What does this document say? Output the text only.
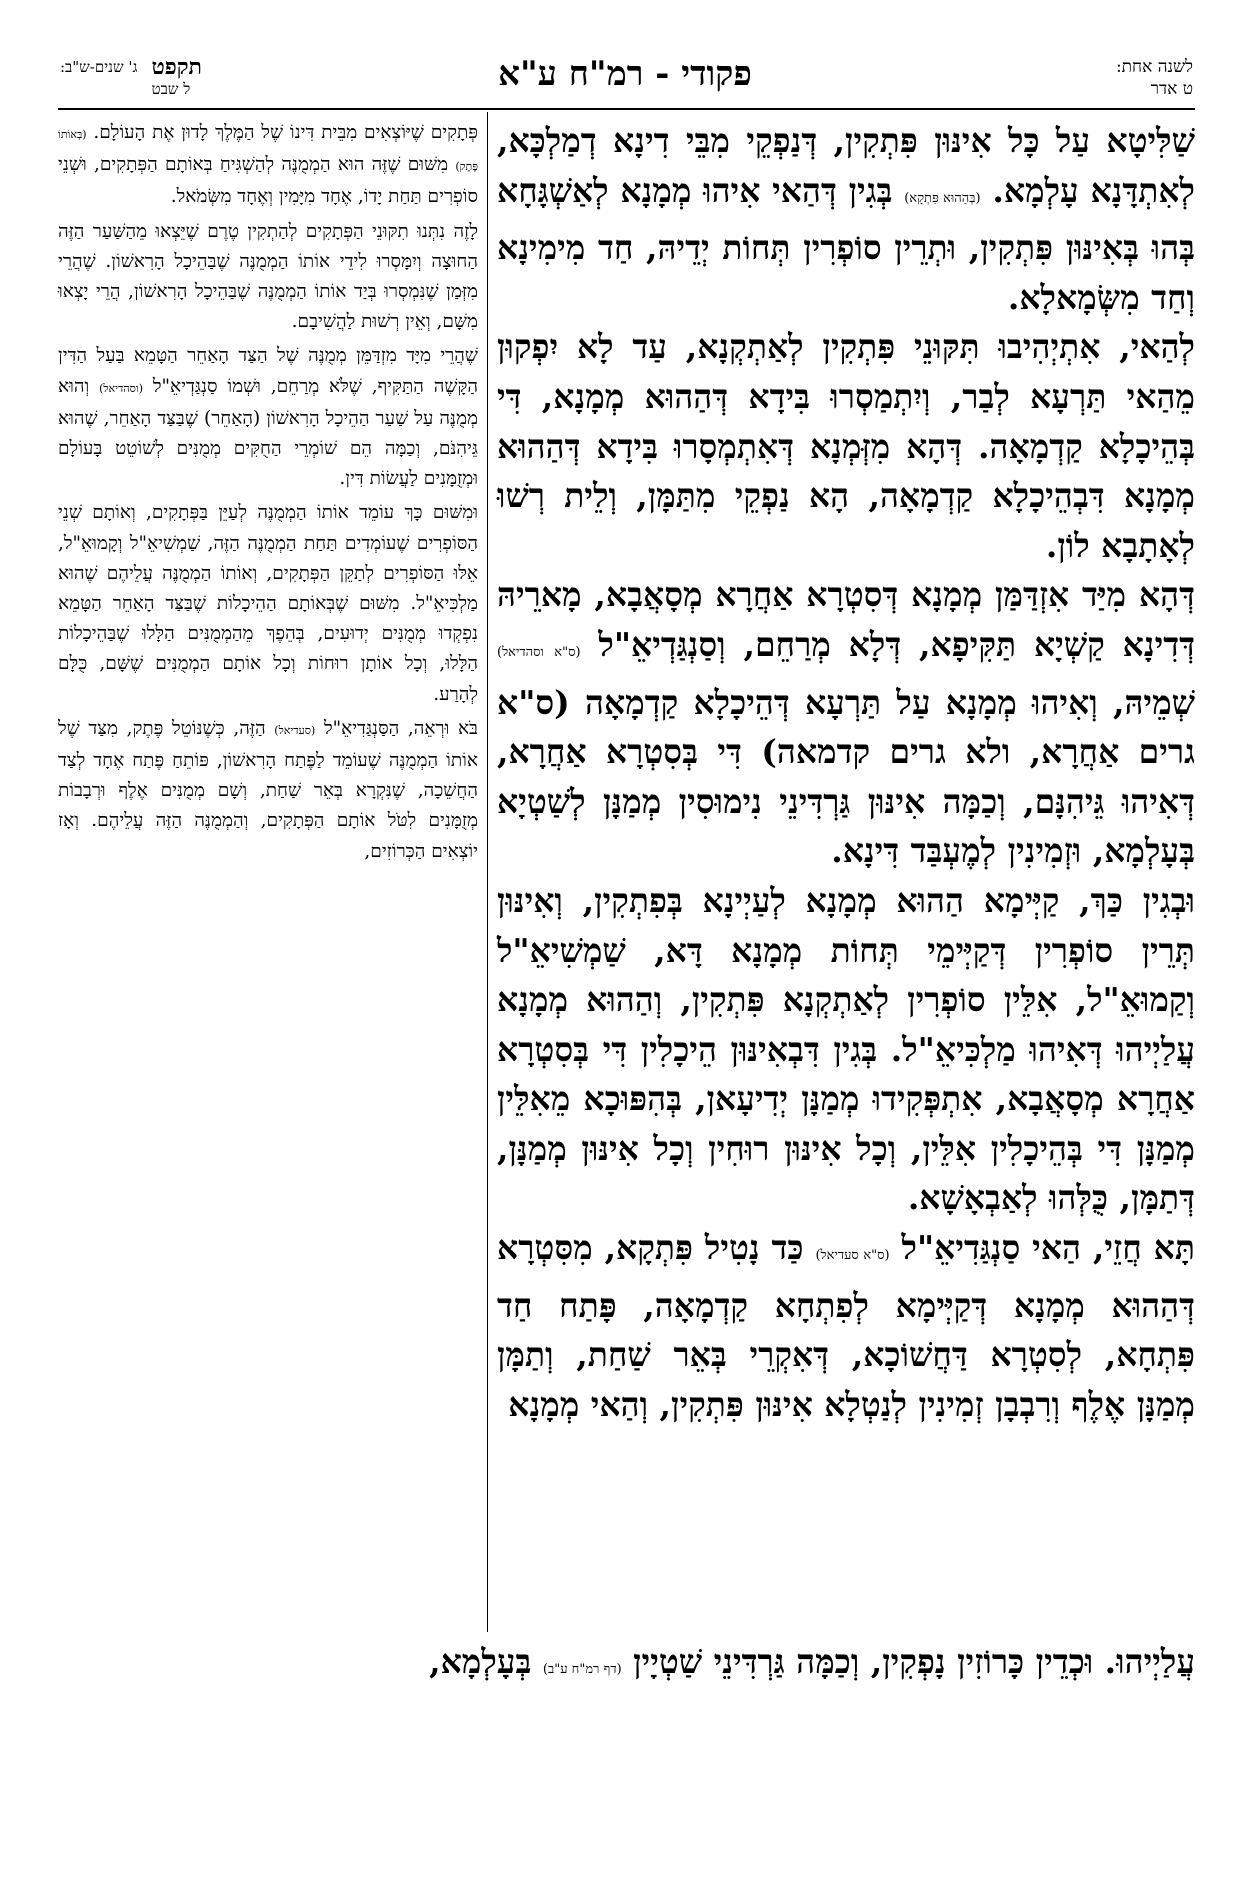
לשנה אחת:
ט אדר
פקודי - רמ"ח ע"א
ג' שנים-ש"ב: תקפט
ל שבט

שַׁלִּיטָא עַל כָּל אִינּוּן פִּתְקִין, דְּנַפְקֵי מִבֵּי דִינָא דְמַלְכָּא, לְאִתְדָּנָא עָלְמָא. (בְּהַהוּא פִּתְקָא) בְּגִין דְּהַאי אִיהוּ מְמָנָא לְאַשְׁגָּחָא בְּהוּ בְּאִינּוּן פִּתְקִין, וּתְרֵין סוֹפְרִין תְּחוֹת יְדֵיהּ, חַד מִימִינָא וְחַד מִשְּׂמָאלָא.

לְהַאי, אִתְיְהִיבוּ תִּקּוּנֵי פִּתְקִין לְאַתְקְנָא, עַד לָא יִפְקוּן מֵהַאי תַּרְעָא לְבַר, וְיִתְמַסְרוּ בִּידָא דְּהַהוּא מְמָנָא, דִּי בְּהֵיכָלָא קַדְמָאָה. דְּהָא מִזְּמְנָא דְּאִתְמְסָרוּ בִּידָא דְּהַהוּא מְמָנָא דִּבְהֵיכָלָא קַדְמָאָה, הָא נַפְקֵי מִתַּמָּן, וְלֵית רְשׁוּ לְאָתָבָא לוֹן.

דְּהָא מִיַּד אִזְדַּמַּן מְמָנָא דְּסִטְרָא אַחֲרָא מְסָאֲבָא, מָארֵיהּ דְּדִינָא קַשְׁיָא תַּקִּיפָא, דְּלָא מְרַחֵם, וְסַנְגַּדְיאֵ"ל (ס"א וסהדיאל) שְׁמֵיהּ, וְאִיהוּ מְמָנָא עַל תַּרְעָא דְּהֵיכָלָא קַדְמָאָה (ס"א גרים אַחֲרָא, ולא גרים קדמאה) דִּי בְּסִטְרָא אַחֲרָא, דְּאִיהוּ גֵּיהִנָּם, וְכַמָּה אִינּוּן גַּרְדִּינֵי נִימוּסִין מְמַנָּן לְשַׁטְיָא בְּעָלְמָא, וּזְמִינִין לְמֶעְבַּד דִּינָא.

וּבְגִין כַּךְ, קַיְּימָא הַהוּא מְמָנָא לְעַיְינָא בְּפִתְקִין, וְאִינּוּן תְּרֵין סוֹפְרִין דְּקַיְּימֵי תְּחוֹת מְמָנָא דָּא, שַׁמְשִׁיאֵ"ל וְקַמוּאֵ"ל, אִלֵּין סוֹפְרִין לְאַתְקְנָא פִּתְקִין, וְהַהוּא מְמָנָא עֲלַיְיהוּ דְּאִיהוּ מַלְכִּיאֵ"ל. בְּגִין דִּבְאִינּוּן הֵיכָלִין דִּי בְּסִטְרָא אַחֲרָא מְסָאֲבָא, אִתְפְּקִידוּ מְמַנָּן יְדִיעָאן, בְּהִפּוּכָא מֵאִלֵּין מְמַנָּן דִּי בְּהֵיכָלִין אִלֵּין, וְכָל אִינּוּן רוּחִין וְכָל אִינּוּן מְמַנָּן, דְּתַמָּן, כֻּלְּהוּ לְאַבְאָשָׁא.

תָּא חֲזֵי, הַאי סַנְגַּדִיאֵ"ל (ס"א סעדיאל) כַּד נָטִיל פִּתְקָא, מִסִּטְרָא דְּהַהוּא מְמָנָא דְּקַיְּימָא לְפִתְחָא קַדְמָאָה, פָּתַח חַד פִּתְחָא, לְסִטְרָא דַּחֲשׁוֹכָא, דְּאִקְרֵי בְּאֵר שַׁחַת, וְתַמָּן מְמַנָּן אֶלֶף וְרִבְבָן זְמִינִין לְנַטְלָא אִינּוּן פִּתְקִין, וְהַאי מְמָנָא

פְּתָקִים שֶׁיּוֹצְאִים מִבֵּית דִּינוֹ שֶׁל הַמֶּלֶךְ לָדוּן אֶת הָעוֹלָם. (בְּאוֹתוֹ פֶּתֶק) מִשּׁוּם שֶׁזֶּה הוּא הַמְמֻנֶּה לְהַשְׁגִּיחַ בְּאוֹתָם הַפְּתָקִים, וּשְׁנֵי סוֹפְרִים תַּחַת יָדוֹ, אֶחָד מִיָּמִין וְאֶחָד מִשְּׂמֹאל.

לָזֶה נִתְּנוּ תִקּוּנֵי הַפְּתָקִים לְהַתְקִין טֶרֶם שֶׁיֵּצְאוּ מֵהַשַּׁעַר הַזֶּה הַחוּצָה וְיִמָּסְרוּ לִידֵי אוֹתוֹ הַמְמֻנֶּה שֶׁבַּהֵיכָל הָרִאשׁוֹן. שֶׁהֲרֵי מִזְּמַן שֶׁנִּמְסְרוּ בְּיַד אוֹתוֹ הַמְמֻנֶּה שֶׁבַּהֵיכָל הָרִאשׁוֹן, הֲרֵי יָצְאוּ מִשָּׁם, וְאֵין רְשׁוּת לַהֲשִׁיבָם.

שֶׁהֲרֵי מִיָּד מִזְדַּמֵּן מְמֻנֶּה שֶׁל הַצַּד הָאַחֵר הַטָּמֵא בַּעַל הַדִּין הַקָּשֶׁה הַתַּקִּיף, שֶׁלֹּא מְרַחֵם, וּשְׁמוֹ סַנְגַּדְיאֵ"ל (וסהדיאל) וְהוּא מְמֻנֶּה עַל שַׁעַר הַהֵיכָל הָרִאשׁוֹן (הָאַחֵר) שֶׁבַּצַּד הָאַחֵר, שֶׁהוּא גֵּיהִנֹּם, וְכַמָּה הֵם שׁוֹמְרֵי הַחֻקִּים מְמֻנִּים לְשׁוֹטֵט בָּעוֹלָם וּמְזֻמָּנִים לַעֲשׂוֹת דִּין.

וּמִשּׁוּם כָּךְ עוֹמֵד אוֹתוֹ הַמְמֻנֶּה לְעַיֵּן בַּפְּתָקִים, וְאוֹתָם שְׁנֵי הַסּוֹפְרִים שֶׁעוֹמְדִים תַּחַת הַמְמֻנֶּה הַזֶּה, שַׁמְשִׁיאֵ"ל וְקָמוּאֵ"ל, אֵלּוּ הַסּוֹפְרִים לְתַקֵּן הַפְּתָקִים, וְאוֹתוֹ הַמְמֻנֶּה עֲלֵיהֶם שֶׁהוּא מַלְכִּיאֵ"ל. מִשּׁוּם שֶׁבְּאוֹתָם הַהֵיכָלוֹת שֶׁבַּצַּד הָאַחֵר הַטָּמֵא נִפְקְדוּ מְמֻנִּים יְדוּעִים, בְּהֵפֶךְ מֵהַמְמֻנִּים הַלָּלוּ שֶׁבַּהֵיכָלוֹת הַלָּלוּ, וְכָל אוֹתָן רוּחוֹת וְכָל אוֹתָם הַמְמֻנִּים שֶׁשָּׁם, כֻּלָּם לְהָרַע.

בֹּא וּרְאֵה, הַסַּנְגַּדִיאֵ"ל (סעדיאל) הַזֶּה, כְּשֶׁנּוֹטֵל פֶּתֶק, מִצַּד שֶׁל אוֹתוֹ הַמְמֻנֶּה שֶׁעוֹמֵד לַפֶּתַח הָרִאשׁוֹן, פּוֹתֵחַ פֶּתַח אֶחָד לְצַד הַחֲשֵׁכָה, שֶׁנִּקְרָא בְּאֵר שַׁחַת, וְשָׁם מְמֻנִּים אֶלֶף וּרְבָבוֹת מְזֻמָּנִים לִטֹּל אוֹתָם הַפְּתָקִים, וְהַמְמֻנֶּה הַזֶּה עֲלֵיהֶם. וְאָז יוֹצְאִים הַכְּרוֹזִים,

עֲלַיְיהוּ. וּכְדֵין כָּרוֹזִין נָפְקִין, וְכַמָּה גַּרְדִּינֵי שַׁטְיָין (דף רמ"ח ע"ב) בְּעָלְמָא,
